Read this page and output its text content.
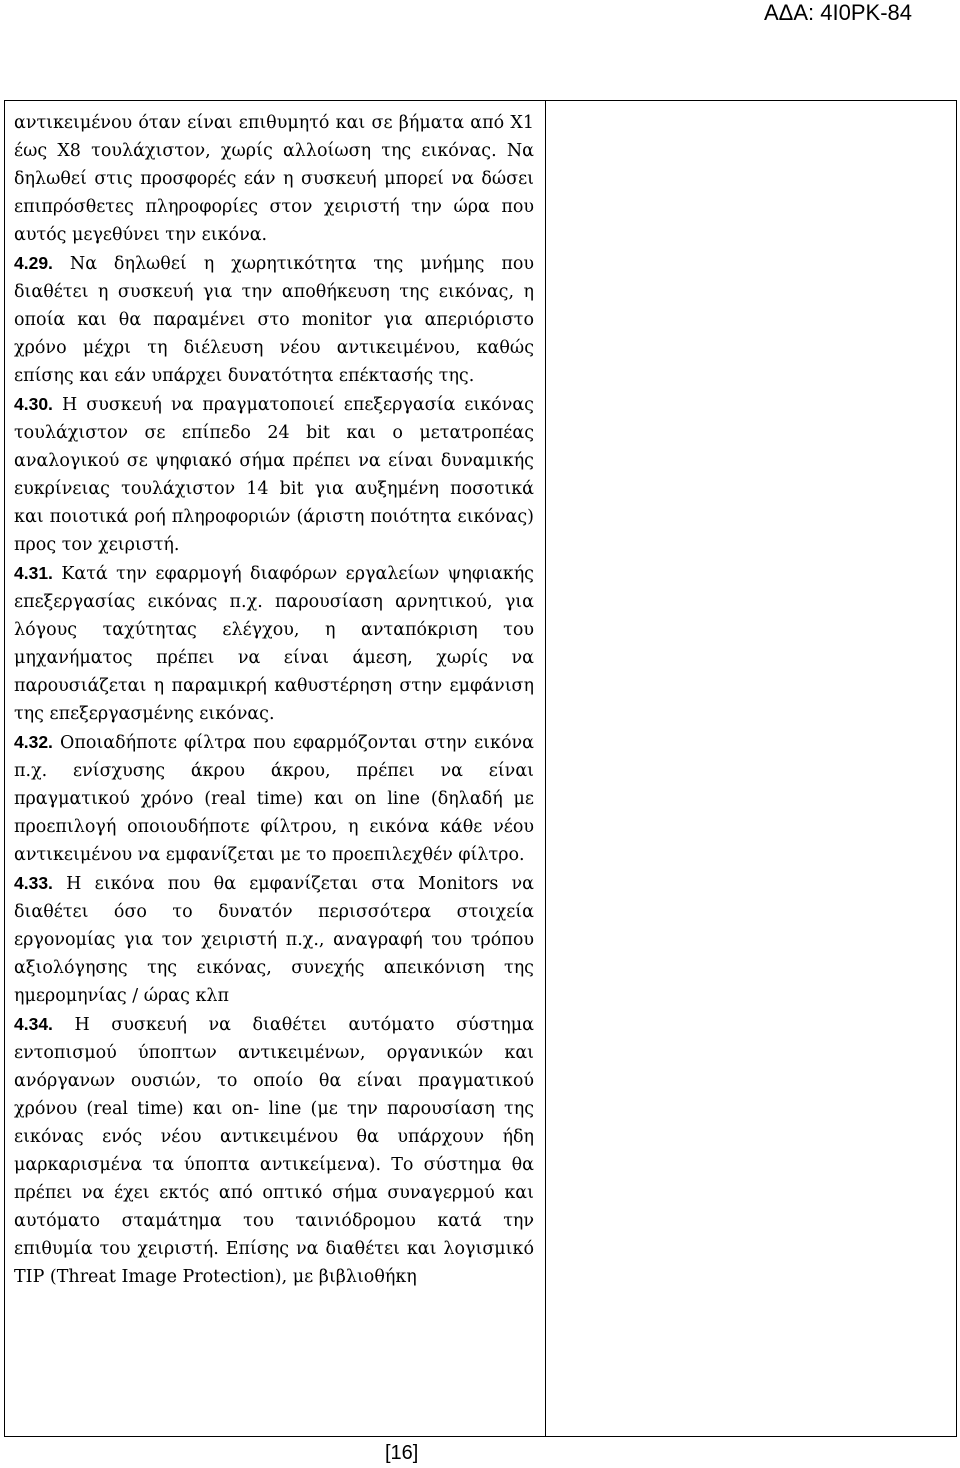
ΑΔΑ: 4Ι0ΡΚ-84

αντικειμένου όταν είναι επιθυμητό και σε βήματα από Χ1 έως Χ8 τουλάχιστον, χωρίς αλλοίωση της εικόνας. Να δηλωθεί στις προσφορές εάν η συσκευή μπορεί να δώσει επιπρόσθετες πληροφορίες στον χειριστή την ώρα που αυτός μεγεθύνει την εικόνα.

4.29. Να δηλωθεί η χωρητικότητα της μνήμης που διαθέτει η συσκευή για την αποθήκευση της εικόνας, η οποία και θα παραμένει στο monitor για απεριόριστο χρόνο μέχρι τη διέλευση νέου αντικειμένου, καθώς επίσης και εάν υπάρχει δυνατότητα επέκτασής της.

4.30. Η συσκευή να πραγματοποιεί επεξεργασία εικόνας τουλάχιστον σε επίπεδο 24 bit και ο μετατροπέας αναλογικού σε ψηφιακό σήμα πρέπει να είναι δυναμικής ευκρίνειας τουλάχιστον 14 bit για αυξημένη ποσοτικά και ποιοτικά ροή πληροφοριών (άριστη ποιότητα εικόνας) προς τον χειριστή.

4.31. Κατά την εφαρμογή διαφόρων εργαλείων ψηφιακής επεξεργασίας εικόνας π.χ. παρουσίαση αρνητικού, για λόγους ταχύτητας ελέγχου, η ανταπόκριση του μηχανήματος πρέπει να είναι άμεση, χωρίς να παρουσιάζεται η παραμικρή καθυστέρηση στην εμφάνιση της επεξεργασμένης εικόνας.

4.32. Οποιαδήποτε φίλτρα που εφαρμόζονται στην εικόνα π.χ. ενίσχυσης άκρου άκρου, πρέπει να είναι πραγματικού χρόνο (real time) και on line (δηλαδή με προεπιλογή οποιουδήποτε φίλτρου, η εικόνα κάθε νέου αντικειμένου να εμφανίζεται με το προεπιλεχθέν φίλτρο.

4.33. Η εικόνα που θα εμφανίζεται στα Monitors να διαθέτει όσο το δυνατόν περισσότερα στοιχεία εργονομίας για τον χειριστή π.χ., αναγραφή του τρόπου αξιολόγησης της εικόνας, συνεχής απεικόνιση της ημερομηνίας / ώρας κλπ

4.34. Η συσκευή να διαθέτει αυτόματο σύστημα εντοπισμού ύποπτων αντικειμένων, οργανικών και ανόργανων ουσιών, το οποίο θα είναι πραγματικού χρόνου (real time) και on- line (με την παρουσίαση της εικόνας ενός νέου αντικειμένου θα υπάρχουν ήδη μαρκαρισμένα τα ύποπτα αντικείμενα). Το σύστημα θα πρέπει να έχει εκτός από οπτικό σήμα συναγερμού και αυτόματο σταμάτημα του ταινιόδρομου κατά την επιθυμία του χειριστή. Επίσης να διαθέτει και λογισμικό TIP (Threat Image Protection), με βιβλιοθήκη

[16]
